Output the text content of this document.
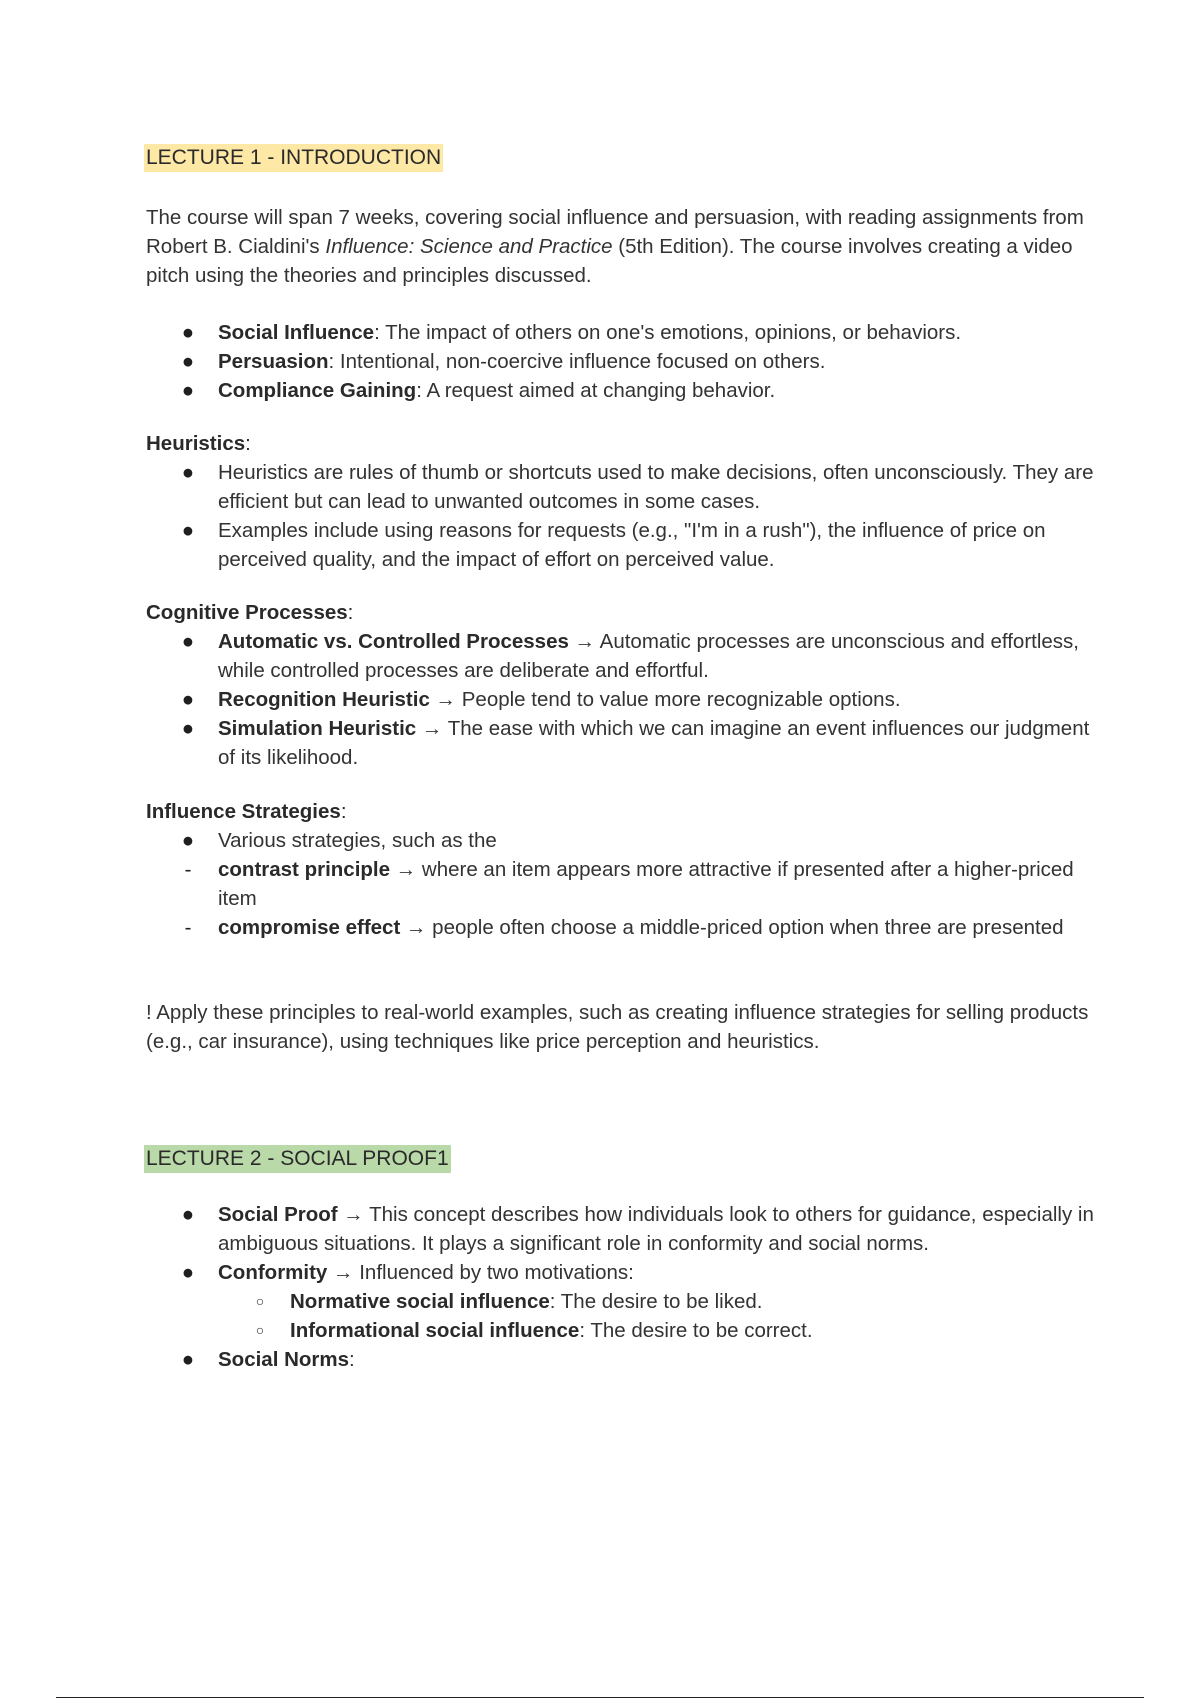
LECTURE 1 - INTRODUCTION

The course will span 7 weeks, covering social influence and persuasion, with reading assignments from Robert B. Cialdini's Influence: Science and Practice (5th Edition). The course involves creating a video pitch using the theories and principles discussed.

● Social Influence: The impact of others on one's emotions, opinions, or behaviors.
● Persuasion: Intentional, non-coercive influence focused on others.
● Compliance Gaining: A request aimed at changing behavior.
Heuristics:
● Heuristics are rules of thumb or shortcuts used to make decisions, often unconsciously. They are efficient but can lead to unwanted outcomes in some cases.
● Examples include using reasons for requests (e.g., "I'm in a rush"), the influence of price on perceived quality, and the impact of effort on perceived value.
Cognitive Processes:
● Automatic vs. Controlled Processes → Automatic processes are unconscious and effortless, while controlled processes are deliberate and effortful.
● Recognition Heuristic → People tend to value more recognizable options.
● Simulation Heuristic → The ease with which we can imagine an event influences our judgment of its likelihood.
Influence Strategies:
● Various strategies, such as the
-	contrast principle → where an item appears more attractive if presented after a higher-priced item
-	compromise effect → people often choose a middle-priced option when three are presented

! Apply these principles to real-world examples, such as creating influence strategies for selling products (e.g., car insurance), using techniques like price perception and heuristics.

LECTURE 2 - SOCIAL PROOF1
● Social Proof → This concept describes how individuals look to others for guidance, especially in ambiguous situations. It plays a significant role in conformity and social norms.
● Conformity → Influenced by two motivations:
○ Normative social influence: The desire to be liked.
○ Informational social influence: The desire to be correct.
● Social Norms:
